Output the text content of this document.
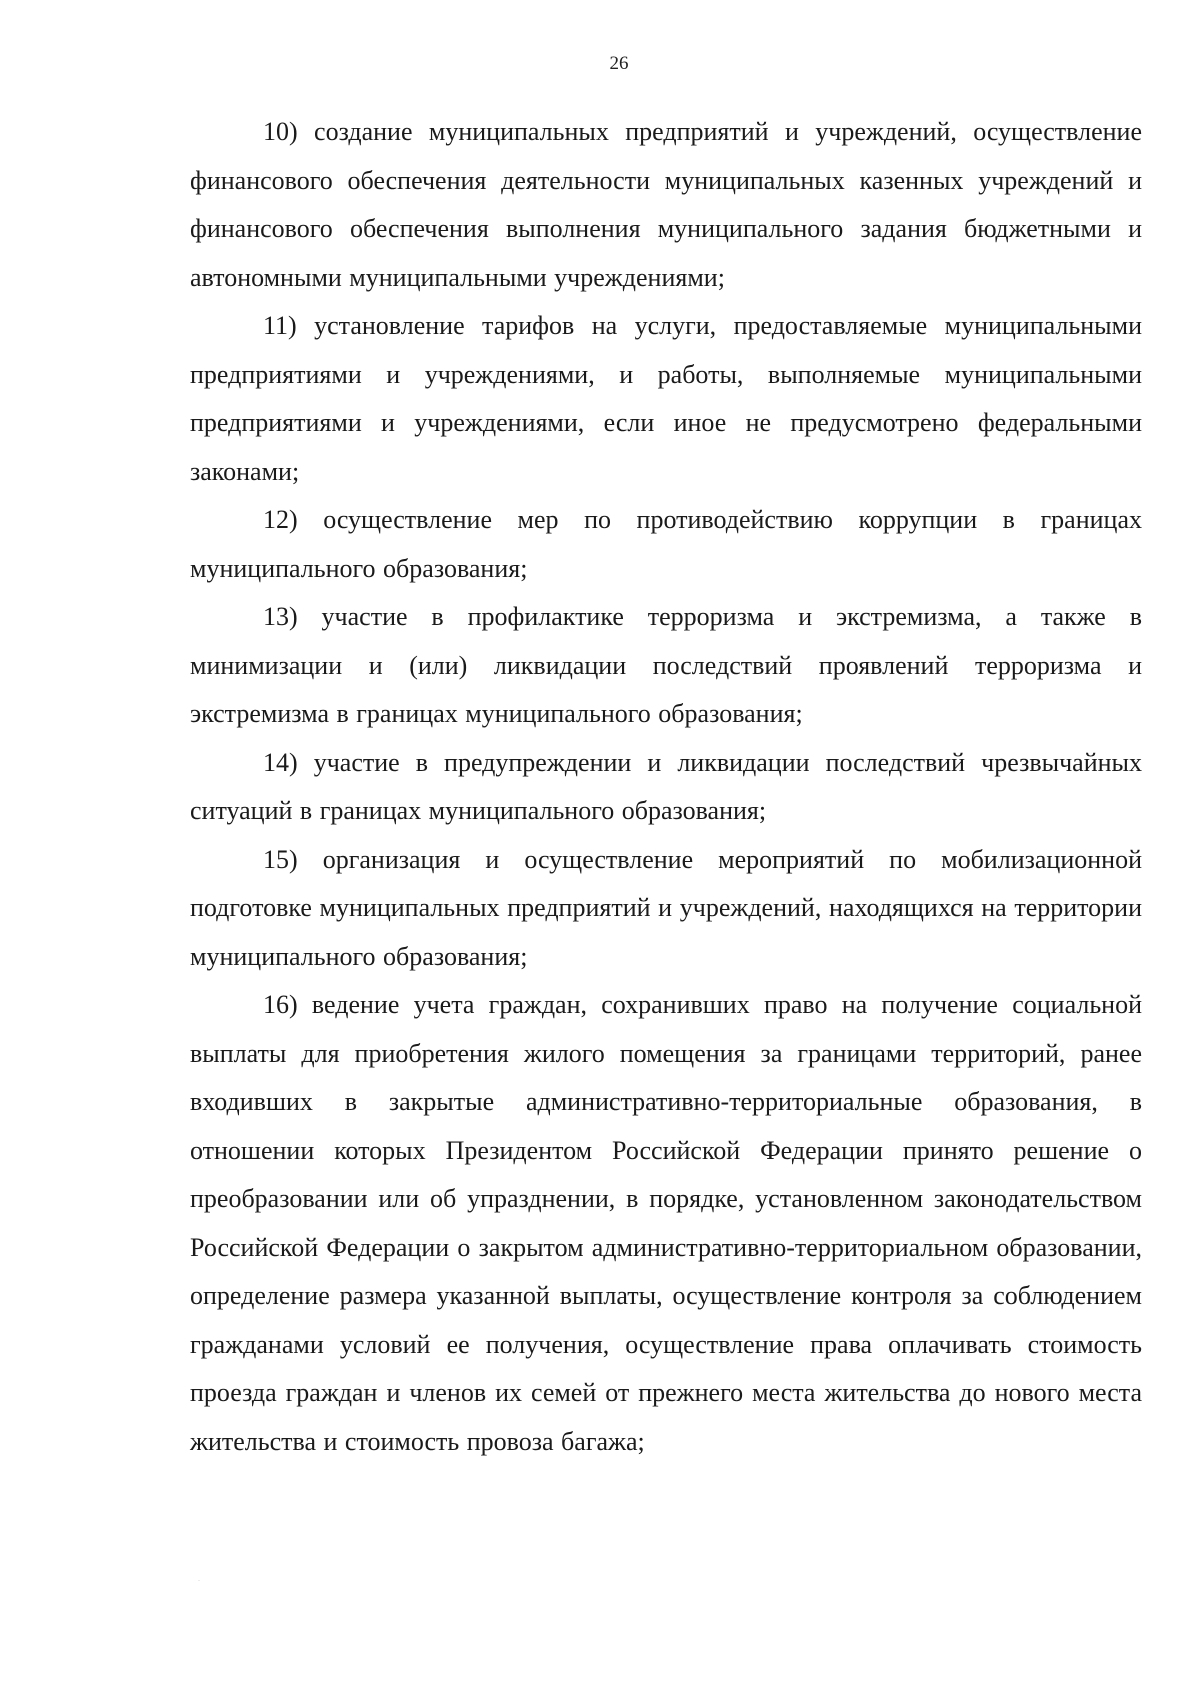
26

10) создание муниципальных предприятий и учреждений, осуществление финансового обеспечения деятельности муниципальных казенных учреждений и финансового обеспечения выполнения муниципального задания бюджетными и автономными муниципальными учреждениями;

11) установление тарифов на услуги, предоставляемые муниципальными предприятиями и учреждениями, и работы, выполняемые муниципальными предприятиями и учреждениями, если иное не предусмотрено федеральными законами;

12) осуществление мер по противодействию коррупции в границах муниципального образования;

13) участие в профилактике терроризма и экстремизма, а также в минимизации и (или) ликвидации последствий проявлений терроризма и экстремизма в границах муниципального образования;

14) участие в предупреждении и ликвидации последствий чрезвычайных ситуаций в границах муниципального образования;

15) организация и осуществление мероприятий по мобилизационной подготовке муниципальных предприятий и учреждений, находящихся на территории муниципального образования;

16) ведение учета граждан, сохранивших право на получение социальной выплаты для приобретения жилого помещения за границами территорий, ранее входивших в закрытые административно-территориальные образования, в отношении которых Президентом Российской Федерации принято решение о преобразовании или об упразднении, в порядке, установленном законодательством Российской Федерации о закрытом административно-территориальном образовании, определение размера указанной выплаты, осуществление контроля за соблюдением гражданами условий ее получения, осуществление права оплачивать стоимость проезда граждан и членов их семей от прежнего места жительства до нового места жительства и стоимость провоза багажа;
